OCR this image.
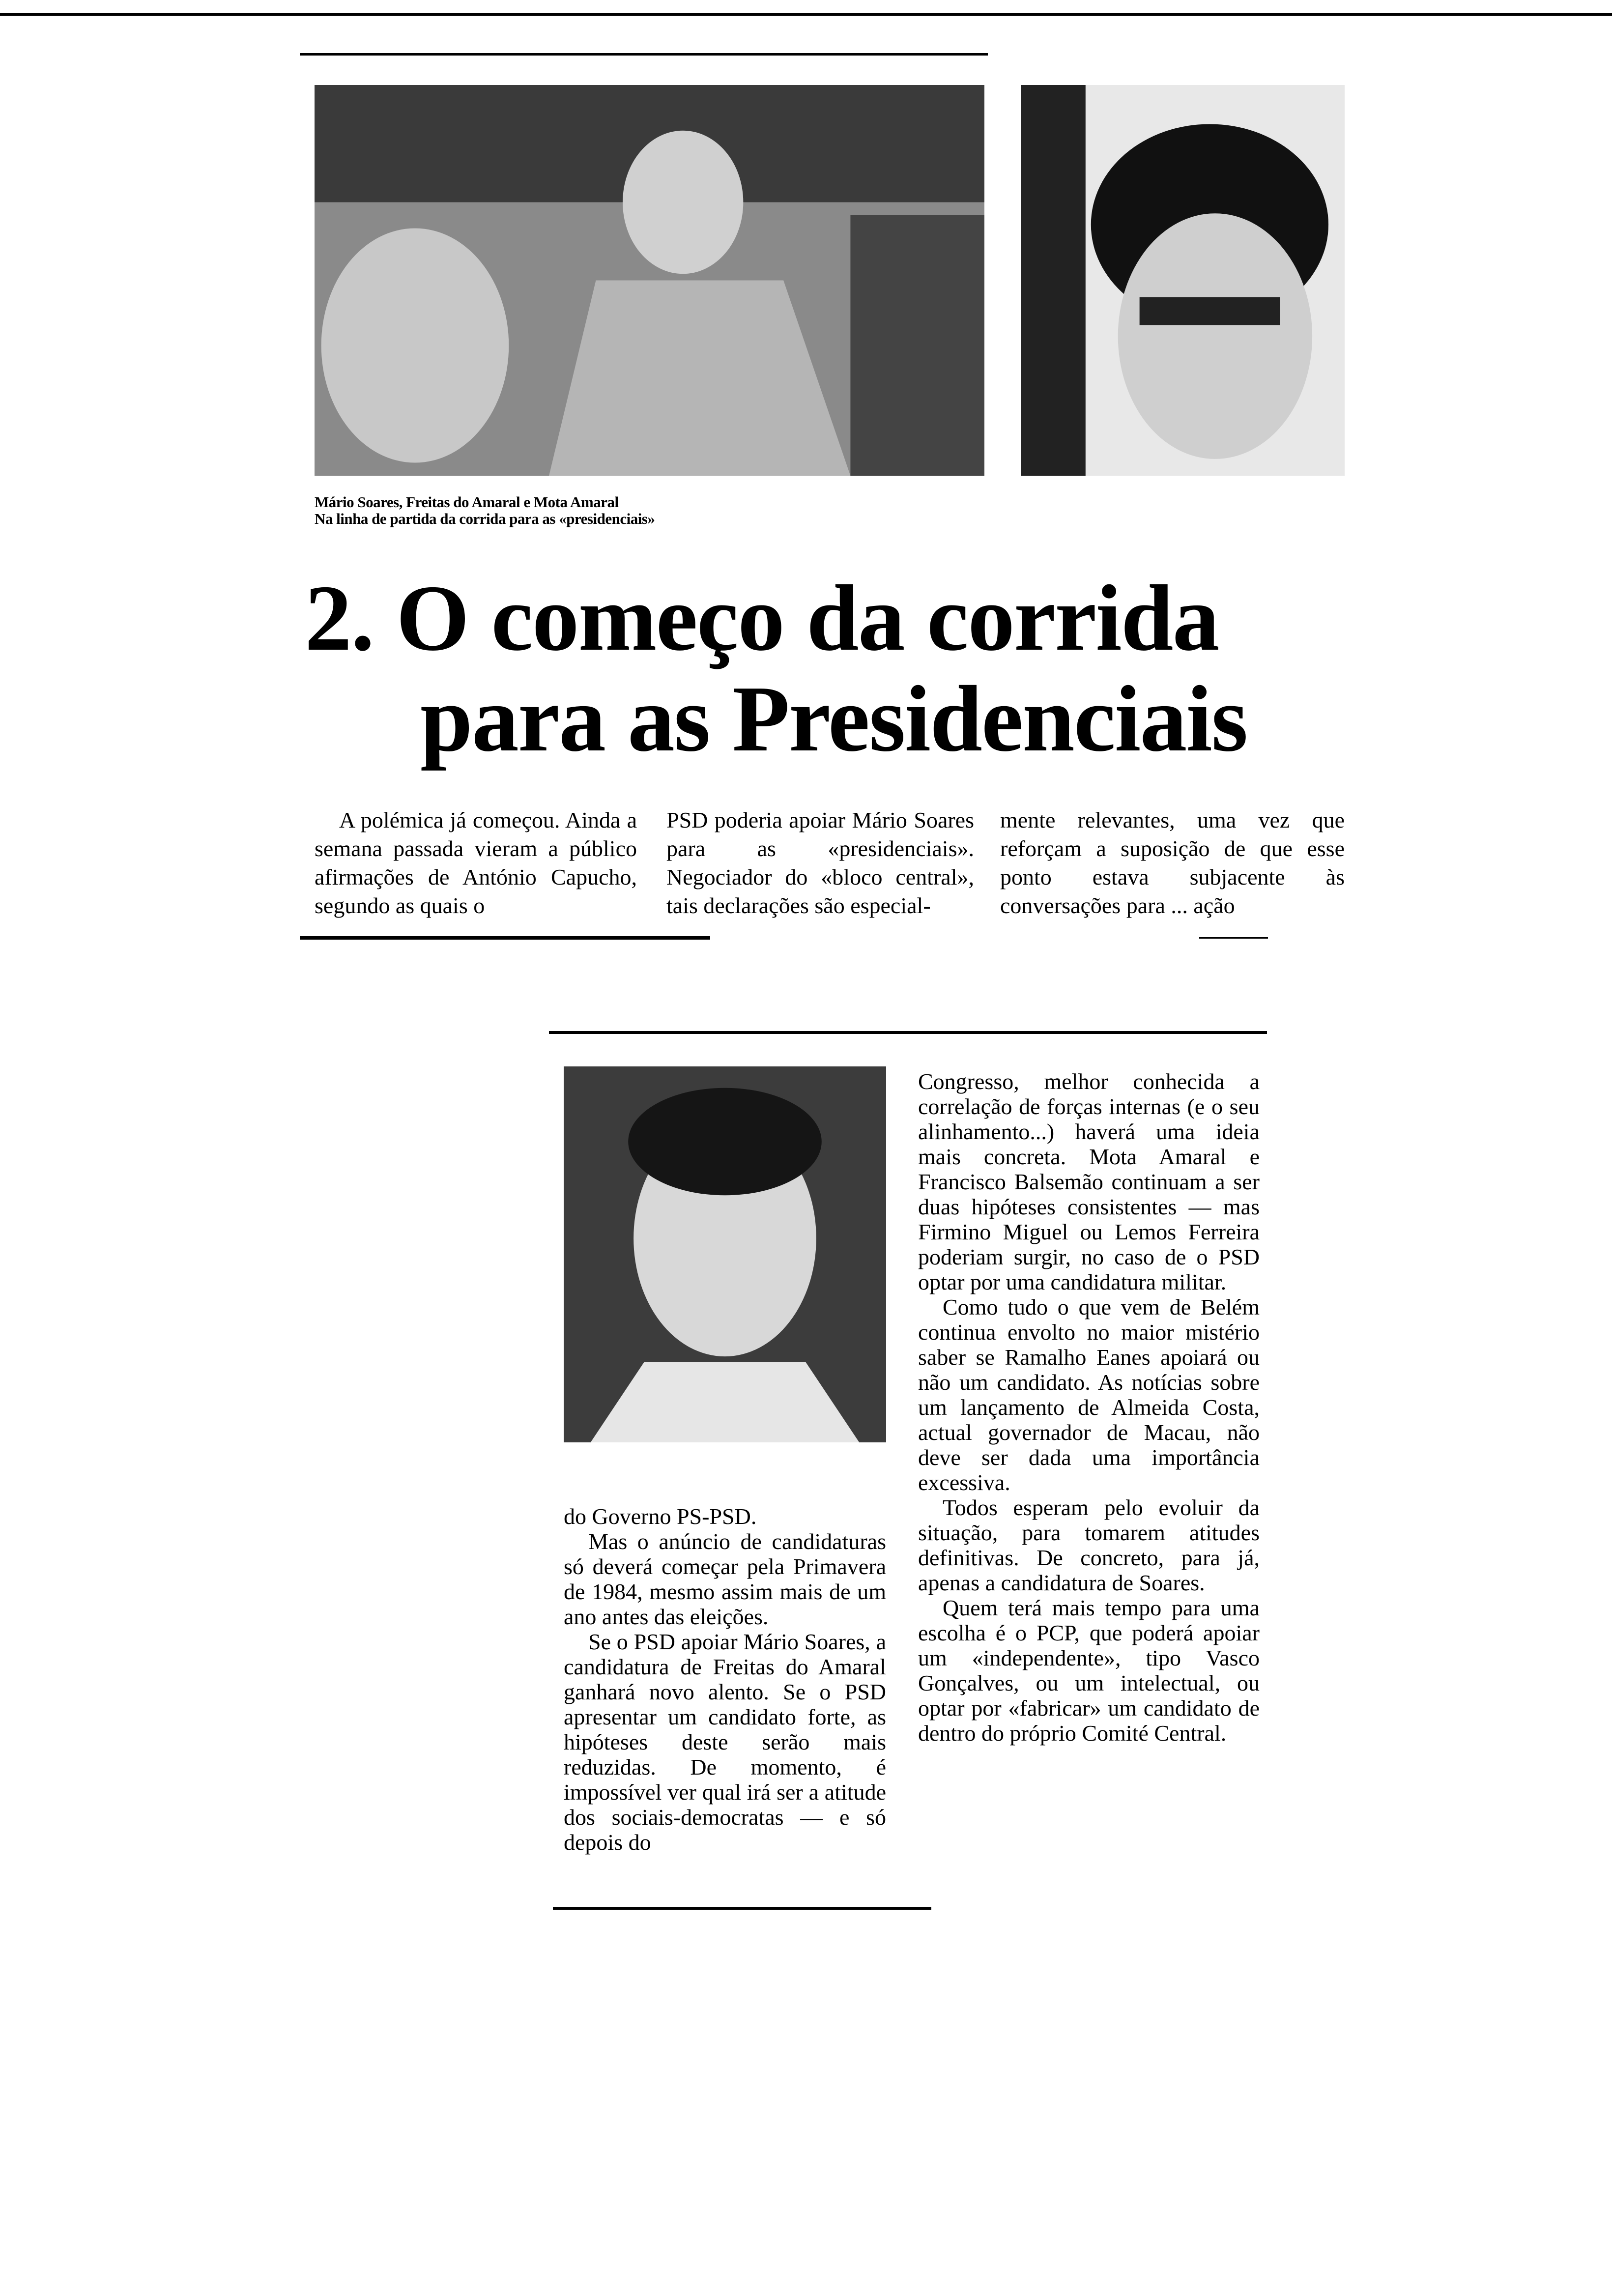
Mário Soares, Freitas do Amaral e Mota Amaral
Na linha de partida da corrida para as «presidenciais»
2. O começo da corrida
para as Presidenciais

A polémica já começou. Ainda a semana passada vieram a público afirmações de António Capucho, segundo as quais o

PSD poderia apoiar Mário Soares para as «presidenciais». Negociador do «bloco central», tais declarações são especial-

mente relevantes, uma vez que reforçam a suposição de que esse ponto estava subjacente às conversações para ... ação

do Governo PS-PSD.

Mas o anúncio de candidaturas só deverá começar pela Primavera de 1984, mesmo assim mais de um ano antes das eleições.

Se o PSD apoiar Mário Soares, a candidatura de Freitas do Amaral ganhará novo alento. Se o PSD apresentar um candidato forte, as hipóteses deste serão mais reduzidas. De momento, é impossível ver qual irá ser a atitude dos sociais-democratas — e só depois do

Congresso, melhor conhecida a correlação de forças internas (e o seu alinhamento...) haverá uma ideia mais concreta. Mota Amaral e Francisco Balsemão continuam a ser duas hipóteses consistentes — mas Firmino Miguel ou Lemos Ferreira poderiam surgir, no caso de o PSD optar por uma candidatura militar.

Como tudo o que vem de Belém continua envolto no maior mistério saber se Ramalho Eanes apoiará ou não um candidato. As notícias sobre um lançamento de Almeida Costa, actual governador de Macau, não deve ser dada uma importância excessiva.

Todos esperam pelo evoluir da situação, para tomarem atitudes definitivas. De concreto, para já, apenas a candidatura de Soares.

Quem terá mais tempo para uma escolha é o PCP, que poderá apoiar um «independente», tipo Vasco Gonçalves, ou um intelectual, ou optar por «fabricar» um candidato de dentro do próprio Comité Central.
